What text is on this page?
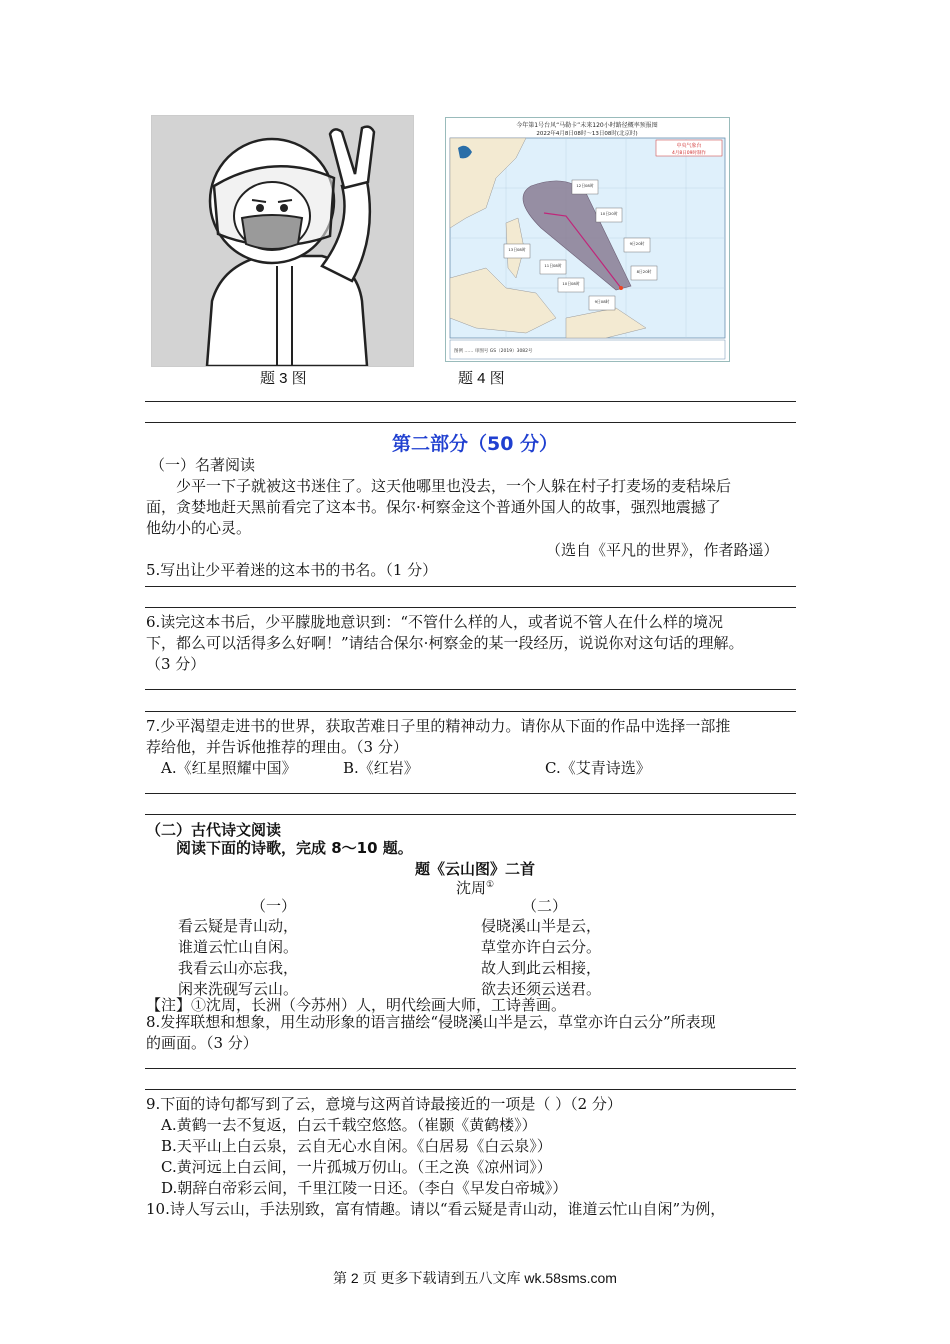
题 3 图
今年第1号台风“马勒卡”未来120小时路径概率预报图
2022年4月8日08时～13日08时(北京时)
中央气象台
4月8日09时制作
12日08时
13日08时
11日08时
10日08时
9日08时
8日20时
9日20时
10日20时
图例 …… 审图号 GS（2019）3082号
题 4 图
第二部分（50 分）
（一）名著阅读
少平一下子就被这书迷住了。这天他哪里也没去，一个人躲在村子打麦场的麦秸垛后
面，贪婪地赶天黑前看完了这本书。保尔·柯察金这个普通外国人的故事，强烈地震撼了
他幼小的心灵。
（选自《平凡的世界》，作者路遥）
5.写出让少平着迷的这本书的书名。（1 分）
6.读完这本书后，少平朦胧地意识到：“不管什么样的人，或者说不管人在什么样的境况
下，都么可以活得多么好啊！”请结合保尔·柯察金的某一段经历，说说你对这句话的理解。
（3 分）
7.少平渴望走进书的世界，获取苦难日子里的精神动力。请你从下面的作品中选择一部推
荐给他，并告诉他推荐的理由。（3 分）
A.《红星照耀中国》	B.《红岩》	C.《艾青诗选》
（二）古代诗文阅读
阅读下面的诗歌，完成 8～10 题。
题《云山图》二首
沈周①
（一）	（二）
看云疑是青山动，
谁道云忙山自闲。
我看云山亦忘我，
闲来洗砚写云山。
侵晓溪山半是云，
草堂亦许白云分。
故人到此云相接，
欲去还须云送君。
【注】①沈周，长洲（今苏州）人，明代绘画大师，工诗善画。
8.发挥联想和想象，用生动形象的语言描绘“侵晓溪山半是云，草堂亦许白云分”所表现
的画面。（3 分）
9.下面的诗句都写到了云，意境与这两首诗最接近的一项是（ ）（2 分）
A.黄鹤一去不复返，白云千载空悠悠。（崔颢《黄鹤楼》）
B.天平山上白云泉，云自无心水自闲。《白居易《白云泉》）
C.黄河远上白云间，一片孤城万仞山。（王之涣《凉州词》）
D.朝辞白帝彩云间，千里江陵一日还。（李白《早发白帝城》）
10.诗人写云山，手法别致，富有情趣。请以“看云疑是青山动，谁道云忙山自闲”为例，
第 2 页 更多下载请到五八文库 wk.58sms.com
